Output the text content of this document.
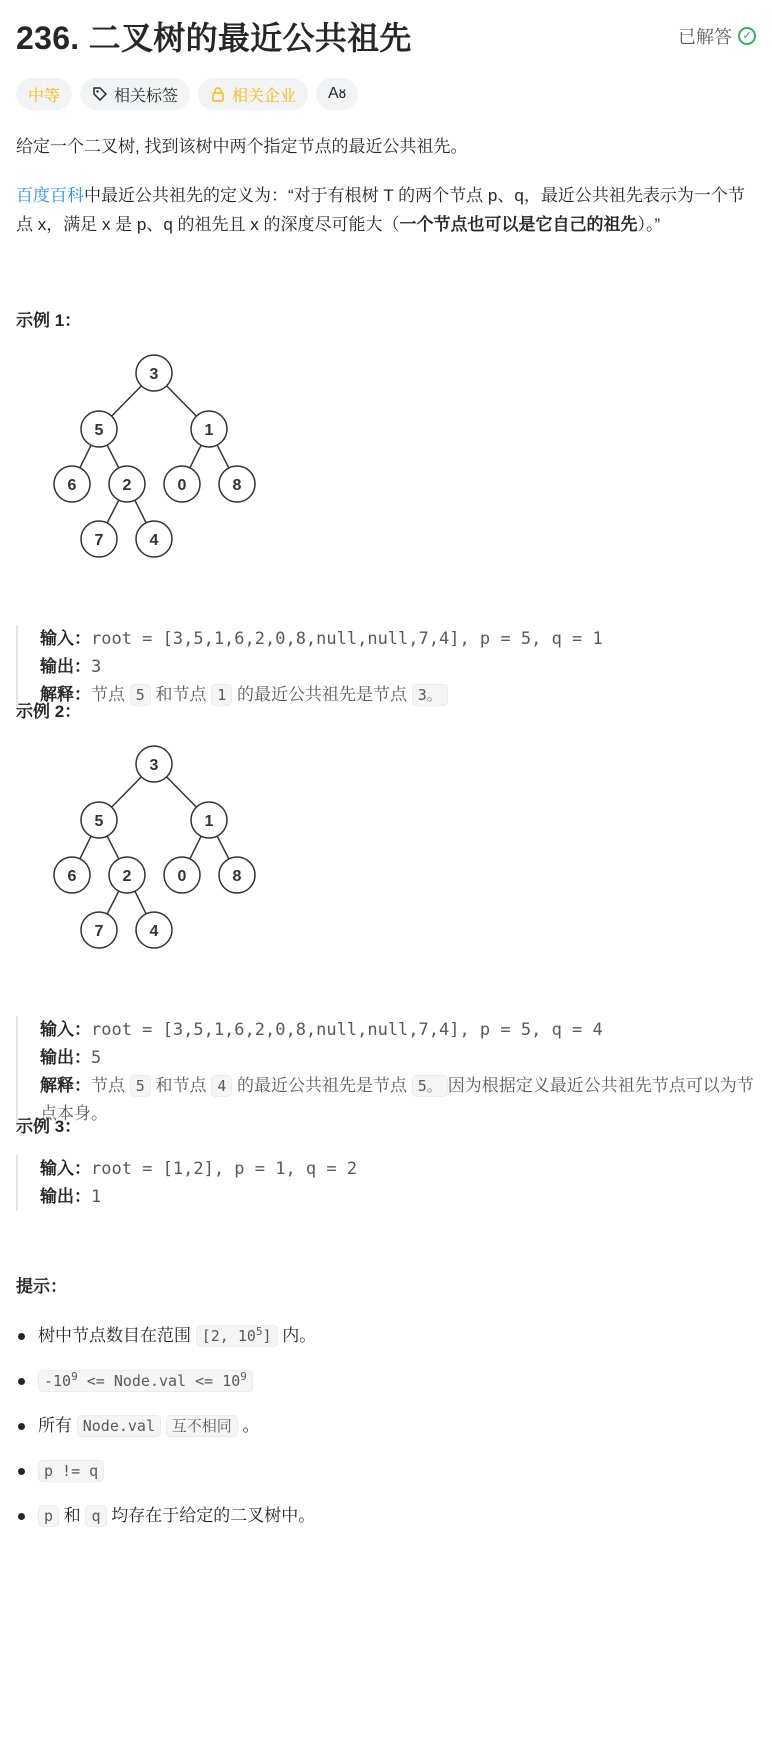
236. 二叉树的最近公共祖先	已解答 ✓
中等	相关标签	相关企业 Aᴕ

给定一个二叉树, 找到该树中两个指定节点的最近公共祖先。

百度百科中最近公共祖先的定义为：“对于有根树 T 的两个节点 p、q，最近公共祖先表示为一个节点 x，满足 x 是 p、q 的祖先且 x 的深度尽可能大（一个节点也可以是它自己的祖先）。”

示例 1：

3
5	1
6	2	0	8
7	4
输入：root = [3,5,1,6,2,0,8,null,null,7,4], p = 5, q = 1
输出：3
解释：节点 5 和节点 1 的最近公共祖先是节点 3。

示例 2：

3
5	1
6	2	0	8
7	4
输入：root = [3,5,1,6,2,0,8,null,null,7,4], p = 5, q = 4
输出：5
解释：节点 5 和节点 4 的最近公共祖先是节点 5。 因为根据定义最近公共祖先节点可以为节点本身。

示例 3：

输入：root = [1,2], p = 1, q = 2
输出：1

提示：

树中节点数目在范围 [2, $10^5$] 内。
$-10^9$ <= Node.val <= $10^9$
所有 Node.val 互不相同 。
p != q
p 和 q 均存在于给定的二叉树中。
